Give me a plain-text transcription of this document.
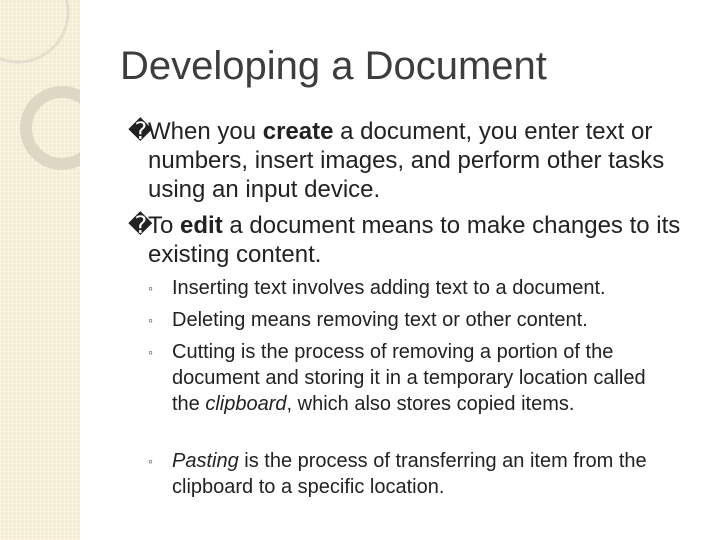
Developing a Document
�
When you create a document, you enter text or numbers, insert images, and perform other tasks using an input device.
�
To edit a document means to make changes to its existing content.
◦ Inserting text involves adding text to a document.
◦ Deleting means removing text or other content.
◦ Cutting is the process of removing a portion of the document and storing it in a temporary location called the clipboard, which also stores copied items.
◦ Pasting is the process of transferring an item from the clipboard to a specific location.
